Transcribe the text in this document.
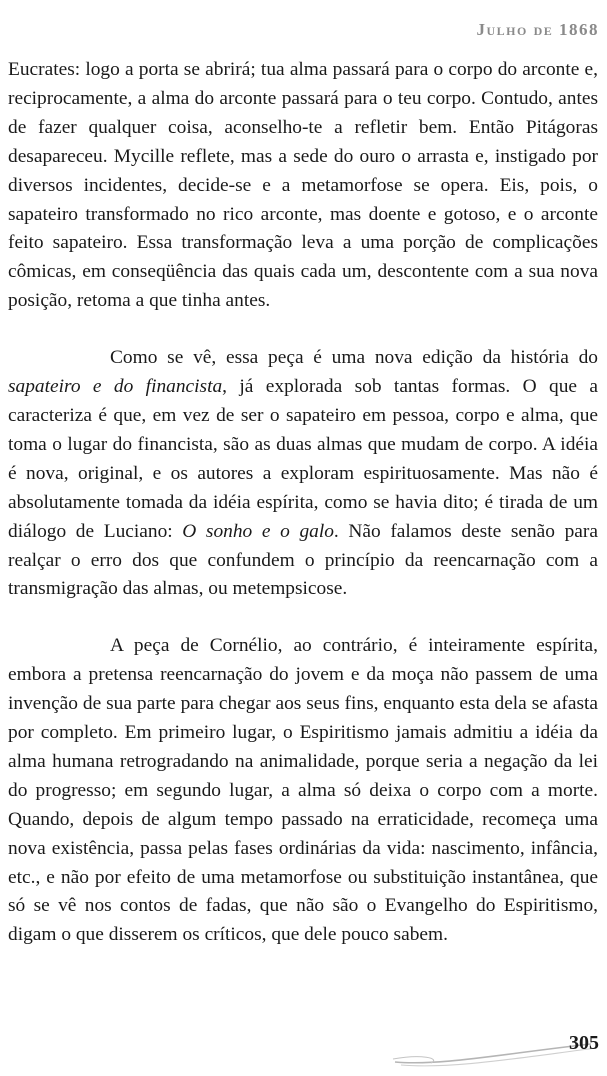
Julho de 1868

Eucrates: logo a porta se abrirá; tua alma passará para o corpo do arconte e, reciprocamente, a alma do arconte passará para o teu corpo. Contudo, antes de fazer qualquer coisa, aconselho-te a refletir bem. Então Pitágoras desapareceu. Mycille reflete, mas a sede do ouro o arrasta e, instigado por diversos incidentes, decide-se e a metamorfose se opera. Eis, pois, o sapateiro transformado no rico arconte, mas doente e gotoso, e o arconte feito sapateiro. Essa transformação leva a uma porção de complicações cômicas, em conseqüência das quais cada um, descontente com a sua nova posição, retoma a que tinha antes.

Como se vê, essa peça é uma nova edição da história do sapateiro e do financista, já explorada sob tantas formas. O que a caracteriza é que, em vez de ser o sapateiro em pessoa, corpo e alma, que toma o lugar do financista, são as duas almas que mudam de corpo. A idéia é nova, original, e os autores a exploram espirituosamente. Mas não é absolutamente tomada da idéia espírita, como se havia dito; é tirada de um diálogo de Luciano: O sonho e o galo. Não falamos deste senão para realçar o erro dos que confundem o princípio da reencarnação com a transmigração das almas, ou metempsicose.

A peça de Cornélio, ao contrário, é inteiramente espírita, embora a pretensa reencarnação do jovem e da moça não passem de uma invenção de sua parte para chegar aos seus fins, enquanto esta dela se afasta por completo. Em primeiro lugar, o Espiritismo jamais admitiu a idéia da alma humana retrogradando na animalidade, porque seria a negação da lei do progresso; em segundo lugar, a alma só deixa o corpo com a morte. Quando, depois de algum tempo passado na erraticidade, recomeça uma nova existência, passa pelas fases ordinárias da vida: nascimento, infância, etc., e não por efeito de uma metamorfose ou substituição instantânea, que só se vê nos contos de fadas, que não são o Evangelho do Espiritismo, digam o que disserem os críticos, que dele pouco sabem.

305
